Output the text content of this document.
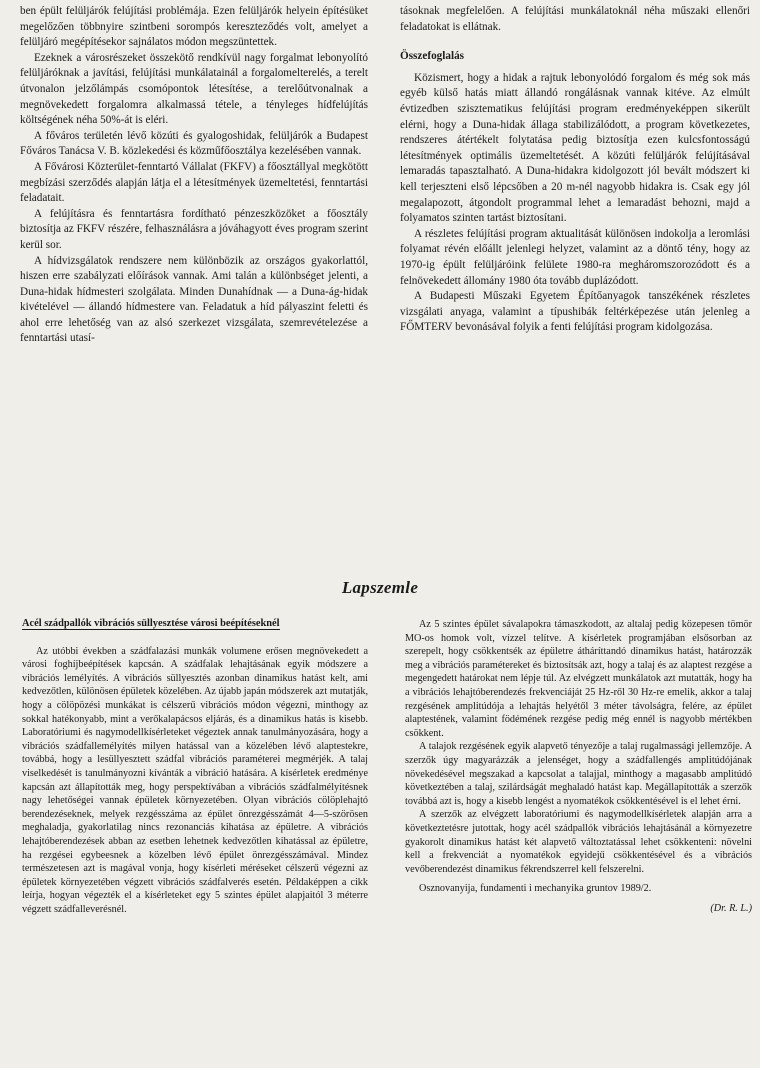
ben épült felüljárók felújítási problémája. Ezen felüljárók helyein építésüket megelőzően többnyire szintbeni sorompós kereszteződés volt, amelyet a felüljáró megépítésekor sajnálatos módon megszüntettek.

Ezeknek a városrészeket összekötő rendkívül nagy forgalmat lebonyolító felüljáróknak a javítási, felújítási munkálatainál a forgalomelterelés, a terelt útvonalon jelzőlámpás csomópontok létesítése, a terelőútvonalnak a megnövekedett forgalomra alkalmassá tétele, a tényleges hídfelújítás költségének néha 50%-át is eléri.

A főváros területén lévő közúti és gyalogoshidak, felüljárók a Budapest Főváros Tanácsa V. B. közlekedési és közműfőosztálya kezelésében vannak.

A Fővárosi Közterület-fenntartó Vállalat (FKFV) a főosztállyal megkötött megbízási szerződés alapján látja el a létesítmények üzemeltetési, fenntartási feladatait.

A felújításra és fenntartásra fordítható pénzeszközöket a főosztály biztosítja az FKFV részére, felhasználásra a jóváhagyott éves program szerint kerül sor.

A hídvizsgálatok rendszere nem különbözik az országos gyakorlattól, hiszen erre szabályzati előírások vannak. Ami talán a különbséget jelenti, a Duna-hidak hídmesteri szolgálata. Minden Dunahídnak — a Duna-ág-hidak kivételével — állandó hídmestere van. Feladatuk a híd pályaszint feletti és ahol erre lehetőség van az alsó szerkezet vizsgálata, szemrevételezése a fenntartási utasí-

tásoknak megfelelően. A felújítási munkálatoknál néha műszaki ellenőri feladatokat is ellátnak.

Összefoglalás

Közismert, hogy a hidak a rajtuk lebonyolódó forgalom és még sok más egyéb külső hatás miatt állandó rongálásnak vannak kitéve. Az elmúlt évtizedben szisztematikus felújítási program eredményeképpen sikerült elérni, hogy a Duna-hidak állaga stabilizálódott, a program következetes, rendszeres átértékelt folytatása pedig biztosítja ezen kulcsfontosságú létesítmények optimális üzemeltetését. A közúti felüljárók felújításával lemaradás tapasztalható. A Duna-hidakra kidolgozott jól bevált módszert ki kell terjeszteni első lépcsőben a 20 m-nél nagyobb hidakra is. Csak egy jól megalapozott, átgondolt programmal lehet a lemaradást behozni, majd a folyamatos szinten tartást biztosítani.

A részletes felújítási program aktualitását különösen indokolja a leromlási folyamat révén előállt jelenlegi helyzet, valamint az a döntő tény, hogy az 1970-ig épült felüljáróink felülete 1980-ra megháromszorozódott és a felnövekedett állomány 1980 óta tovább duplázódott.

A Budapesti Műszaki Egyetem Építőanyagok tanszékének részletes vizsgálati anyaga, valamint a típushibák feltérképezése után jelenleg a FŐMTERV bevonásával folyik a fenti felújítási program kidolgozása.

Lapszemle

Acél szádpallók vibrációs süllyesztése városi beépítéseknél

Az utóbbi években a szádfalazási munkák volumene erősen megnövekedett a városi foghíjbeépítések kapcsán. A szádfalak lehajtásának egyik módszere a vibrációs lemélyítés. A vibrációs süllyesztés azonban dinamikus hatást kelt, ami kedvezőtlen, különösen épületek közelében. Az újabb japán módszerek azt mutatják, hogy a cölöpözési munkákat is célszerű vibrációs módon végezni, minthogy az sokkal hatékonyabb, mint a verőkalapácsos eljárás, és a dinamikus hatás is kisebb. Laboratóriumi és nagymodellkísérleteket végeztek annak tanulmányozására, hogy a vibrációs szádfallemélyítés milyen hatással van a közelében lévő alaptestekre, továbbá, hogy a lesüllyesztett szádfal vibrációs paraméterei megmérjék. A talaj viselkedését is tanulmányozni kívánták a vibráció hatására. A kísérletek eredménye kapcsán azt állapították meg, hogy perspektívában a vibrációs szádfalmélyítésnek nagy lehetőségei vannak épületek környezetében. Olyan vibrációs cölöplehajtó berendezéseknek, melyek rezgésszáma az épület önrezgésszámát 4—5-szörösen meghaladja, gyakorlatilag nincs rezonanciás kihatása az épületre. A vibrációs lehajtóberendezések abban az esetben lehetnek kedvezőtlen kihatással az épületre, ha rezgései egybeesnek a közelben lévő épület önrezgésszámával. Mindez természetesen azt is magával vonja, hogy kísérleti méréseket célszerű végezni az épületek környezetében végzett vibrációs szádfalverés esetén. Példaképpen a cikk leírja, hogyan végezték el a kísérleteket egy 5 szintes épület alapjaitól 3 méterre végzett szádfalleverésnél.

Az 5 szintes épület sávalapokra támaszkodott, az altalaj pedig közepesen tömör MO-os homok volt, vízzel telítve. A kísérletek programjában elsősorban az szerepelt, hogy csökkentsék az épületre átháríttandó dinamikus hatást, határozzák meg a vibrációs paramétereket és biztosítsák azt, hogy a talaj és az alaptest rezgése a megengedett határokat nem lépje túl. Az elvégzett munkálatok azt mutatták, hogy ha a vibrációs lehajtóberendezés frekvenciáját 25 Hz-ről 30 Hz-re emelik, akkor a talaj rezgésének amplitúdója a lehajtás helyétől 3 méter távolságra, felére, az épület alaptestének, valamint födémének rezgése pedig még ennél is nagyobb mértékben csökkent.

A talajok rezgésének egyik alapvető tényezője a talaj rugalmassági jellemzője. A szerzők úgy magyarázzák a jelenséget, hogy a szádfallengés amplitúdójának növekedésével megszakad a kapcsolat a talajjal, minthogy a magasabb amplitúdó következtében a talaj, szilárdságát meghaladó hatást kap. Megállapították a szerzők továbbá azt is, hogy a kisebb lengést a nyomatékok csökkentésével is el lehet érni.

A szerzők az elvégzett laboratóriumi és nagymodellkísérletek alapján arra a következtetésre jutottak, hogy acél szádpallók vibrációs lehajtásánál a környezetre gyakorolt dinamikus hatást két alapvető változtatással lehet csökkenteni: növelni kell a frekvenciát a nyomatékok egyidejű csökkentésével és a vibrációs vevőberendezést dinamikus fékrendszerrel kell felszerelni.

Osznovanyija, fundamenti i mechanyika gruntov 1989/2.

(Dr. R. L.)
